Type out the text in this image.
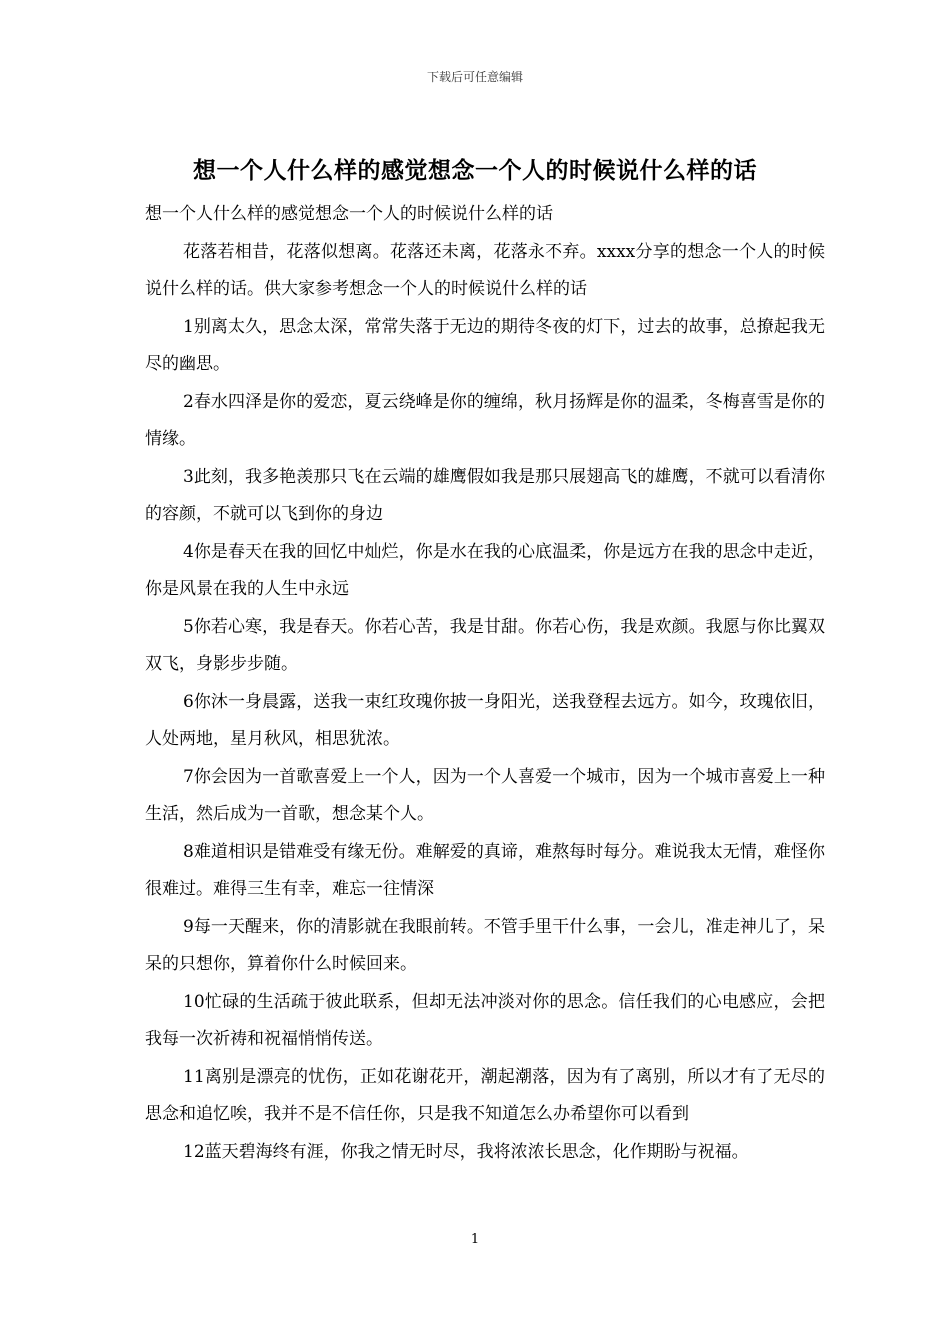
下载后可任意编辑
想一个人什么样的感觉想念一个人的时候说什么样的话

想一个人什么样的感觉想念一个人的时候说什么样的话

花落若相昔，花落似想离。花落还未离，花落永不弃。xxxx分享的想念一个人的时候说什么样的话。供大家参考想念一个人的时候说什么样的话

1别离太久，思念太深，常常失落于无边的期待冬夜的灯下，过去的故事，总撩起我无尽的幽思。

2春水四泽是你的爱恋，夏云绕峰是你的缠绵，秋月扬辉是你的温柔，冬梅喜雪是你的情缘。

3此刻，我多艳羡那只飞在云端的雄鹰假如我是那只展翅高飞的雄鹰，不就可以看清你的容颜，不就可以飞到你的身边

4你是春天在我的回忆中灿烂，你是水在我的心底温柔，你是远方在我的思念中走近，你是风景在我的人生中永远

5你若心寒，我是春天。你若心苦，我是甘甜。你若心伤，我是欢颜。我愿与你比翼双双飞，身影步步随。

6你沐一身晨露，送我一束红玫瑰你披一身阳光，送我登程去远方。如今，玫瑰依旧，人处两地，星月秋风，相思犹浓。

7你会因为一首歌喜爱上一个人，因为一个人喜爱一个城市，因为一个城市喜爱上一种生活，然后成为一首歌，想念某个人。

8难道相识是错难受有缘无份。难解爱的真谛，难熬每时每分。难说我太无情，难怪你很难过。难得三生有幸，难忘一往情深

9每一天醒来，你的清影就在我眼前转。不管手里干什么事，一会儿，准走神儿了，呆呆的只想你，算着你什么时候回来。

10忙碌的生活疏于彼此联系，但却无法冲淡对你的思念。信任我们的心电感应，会把我每一次祈祷和祝福悄悄传送。

11离别是漂亮的忧伤，正如花谢花开，潮起潮落，因为有了离别，所以才有了无尽的思念和追忆唉，我并不是不信任你，只是我不知道怎么办希望你可以看到

12蓝天碧海终有涯，你我之情无时尽，我将浓浓长思念，化作期盼与祝福。

1
